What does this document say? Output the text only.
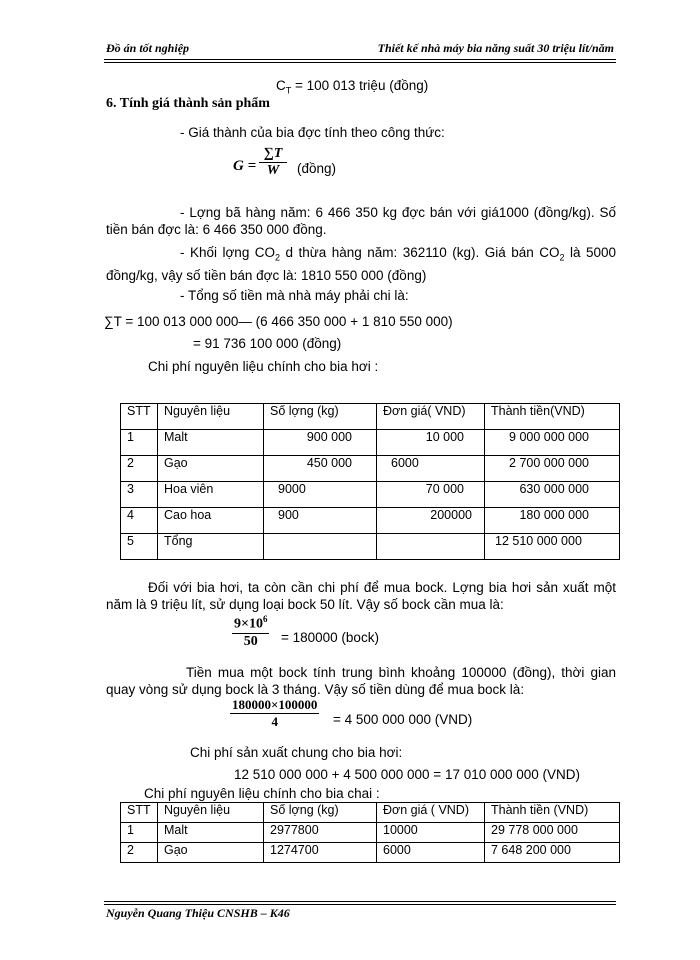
Đồ án tốt nghiệp	Thiết kế nhà máy bia năng suất 30 triệu lít/năm
$C_T = 100$ 013 triệu (đồng)
6. Tính giá thành sản phẩm
- Giá thành của bia đợc tính theo công thức:
$G = \frac{\sum T}{W}$ (đồng)
- Lợng bã hàng năm: 6 466 350 kg đợc bán với giá1000 (đồng/kg). Số tiền bán đợc là: 6 466 350 000 đồng.
- Khối lợng $CO_2$ d thừa hàng năm: 362110 (kg). Giá bán $CO_2$ là 5000 đồng/kg, vậy số tiền bán đợc là: 1810 550 000 (đồng)
- Tổng số tiền mà nhà máy phải chi là:
∑T = 100 013 000 000— (6 466 350 000 + 1 810 550 000)
= 91 736 100 000 (đồng)
Chi phí nguyên liệu chính cho bia hơi :
STT	Nguyên liệu	Số lợng (kg)	Đơn giá( VND)	Thành tiền(VND)
1	Malt	900 000	10 000	9 000 000 000
2	Gạo	450 000	6000	2 700 000 000
3	Hoa viên	9000	70 000	630 000 000
4	Cao hoa	900	200000	180 000 000
5	Tổng			12 510 000 000
Đối với bia hơi, ta còn cần chi phí để mua bock. Lợng bia hơi sản xuất một năm là 9 triệu lít, sử dụng loại bock 50 lít. Vậy số bock cần mua là:
$\frac{9\times 10^6}{50} = 180000$ (bock)
Tiền mua một bock tính trung bình khoảng 100000 (đồng), thời gian quay vòng sử dụng bock là 3 tháng. Vậy số tiền dùng để mua bock là:
$\frac{180000\times 100000}{4} = 4$ 500 000 000 (VND)
Chi phí sản xuất chung cho bia hơi:
12 510 000 000 + 4 500 000 000 = 17 010 000 000 (VND)
Chi phí nguyên liệu chính cho bia chai :
STT	Nguyên liệu	Số lợng (kg)	Đơn giá ( VND)	Thành tiền (VND)
1	Malt	2977800	10000	29 778 000 000
2	Gạo	1274700	6000	7 648 200 000
Nguyễn Quang Thiệu CNSHB – K46
